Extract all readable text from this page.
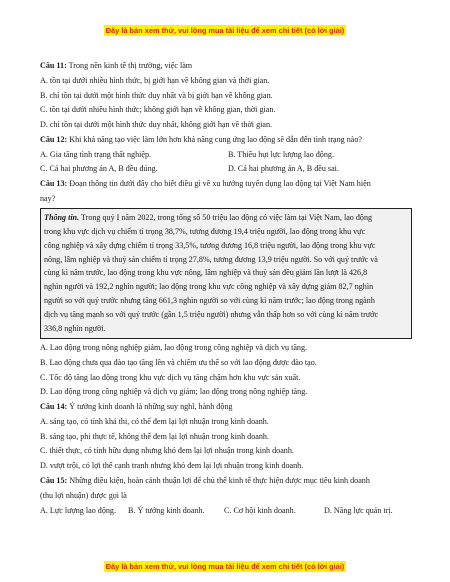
Đây là bản xem thử, vui lòng mua tài liệu để xem chi tiết (có lời giải)
Câu 11: Trong nền kinh tế thị trường, việc làm
A. tồn tại dưới nhiều hình thức, bị giới hạn về không gian và thời gian.
B. chỉ tồn tại dưới một hình thức duy nhất và bị giới hạn về không gian.
C. tồn tại dưới nhiều hình thức; không giới hạn về không gian, thời gian.
D. chỉ tồn tại dưới một hình thức duy nhất, không giới hạn về thời gian.
Câu 12: Khi khả năng tạo việc làm lớn hơn khả năng cung ứng lao động sẽ dẫn đến tình trạng nào?
A. Gia tăng tình trạng thất nghiệp.	B. Thiếu hụt lực lượng lao động.
C. Cả hai phương án A, B đều đúng.	D. Cả hai phương án A, B đều sai.
Câu 13: Đoạn thông tin dưới đây cho biết điều gì về xu hướng tuyển dụng lao động tại Việt Nam hiện
nay?
Thông tin. Trong quý I năm 2022, trong tổng số 50 triệu lao động có việc làm tại Việt Nam, lao động
trong khu vực dịch vụ chiếm tỉ trọng 38,7%, tương đương 19,4 triệu người, lao động trong khu vực
công nghiệp và xây dựng chiếm tỉ trọng 33,5%, tương đương 16,8 triệu người, lao động trong khu vực
nông, lâm nghiệp và thuỷ sản chiếm tỉ trọng 27,8%, tương đương 13,9 triệu người. So với quý trước và
cùng kì năm trước, lao động trong khu vực nông, lâm nghiệp và thuỷ sản đều giảm lần lượt là 426,8
nghìn người và 192,2 nghìn người; lao động trong khu vực công nghiệp và xây dựng giảm 82,7 nghìn
người so với quý trước nhưng tăng 661,3 nghìn người so với cùng kì năm trước; lao động trong ngành
dịch vụ tăng mạnh so với quý trước (gần 1,5 triệu người) nhưng vẫn thấp hơn so với cùng kì năm trước
336,8 nghìn người.
A. Lao động trong nông nghiệp giảm, lao động trong công nghiệp và dịch vụ tăng.
B. Lao động chưa qua đào tạo tăng lên và chiếm ưu thế so với lao động được đào tạo.
C. Tốc độ tăng lao động trong khu vực dịch vụ tăng chậm hơn khu vực sản xuất.
D. Lao động trong công nghiệp và dịch vụ giảm; lao động trong nông nghiệp tăng.
Câu 14: Ý tưởng kinh doanh là những suy nghĩ, hành động
A. sáng tạo, có tính khả thi, có thể đem lại lợi nhuận trong kinh doanh.
B. sáng tạo, phi thực tế, không thể đem lại lợi nhuận trong kinh doanh.
C. thiết thực, có tính hữu dụng nhưng khó đem lại lợi nhuận trong kinh doanh.
D. vượt trội, có lợi thế cạnh tranh nhưng khó đem lại lợi nhuận trong kinh doanh.
Câu 15: Những điều kiện, hoàn cảnh thuận lợi để chủ thể kinh tế thực hiện được mục tiêu kinh doanh
(thu lợi nhuận) được gọi là
A. Lực lượng lao động.	B. Ý tưởng kinh doanh.	C. Cơ hội kinh doanh.	D. Năng lực quản trị.
Đây là bản xem thử, vui lòng mua tài liệu để xem chi tiết (có lời giải)
